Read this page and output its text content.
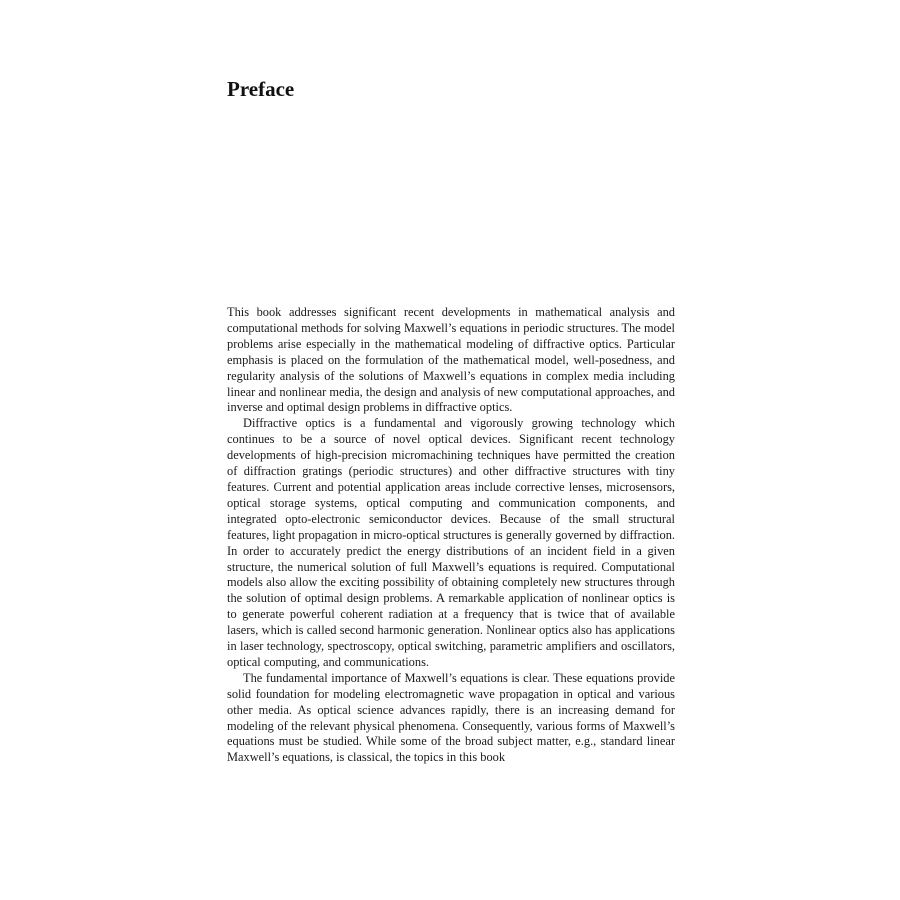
Preface

This book addresses significant recent developments in mathematical analysis and computational methods for solving Maxwell’s equations in periodic structures. The model problems arise especially in the mathematical modeling of diffractive optics. Particular emphasis is placed on the formulation of the mathematical model, well-posedness, and regularity analysis of the solutions of Maxwell’s equations in complex media including linear and nonlinear media, the design and analysis of new computational approaches, and inverse and optimal design problems in diffractive optics.

Diffractive optics is a fundamental and vigorously growing technology which continues to be a source of novel optical devices. Significant recent technology developments of high-precision micromachining techniques have permitted the creation of diffraction gratings (periodic structures) and other diffractive structures with tiny features. Current and potential application areas include corrective lenses, microsensors, optical storage systems, optical computing and communication components, and integrated opto-electronic semiconductor devices. Because of the small structural features, light propagation in micro-optical structures is generally governed by diffraction. In order to accurately predict the energy distributions of an incident field in a given structure, the numerical solution of full Maxwell’s equations is required. Computational models also allow the exciting possibility of obtaining completely new structures through the solution of optimal design problems. A remarkable application of nonlinear optics is to generate powerful coherent radiation at a frequency that is twice that of available lasers, which is called second harmonic generation. Nonlinear optics also has applications in laser technology, spectroscopy, optical switching, parametric amplifiers and oscillators, optical computing, and communications.

The fundamental importance of Maxwell’s equations is clear. These equations provide solid foundation for modeling electromagnetic wave propagation in optical and various other media. As optical science advances rapidly, there is an increasing demand for modeling of the relevant physical phenomena. Consequently, various forms of Maxwell’s equations must be studied. While some of the broad subject matter, e.g., standard linear Maxwell’s equations, is classical, the topics in this book
